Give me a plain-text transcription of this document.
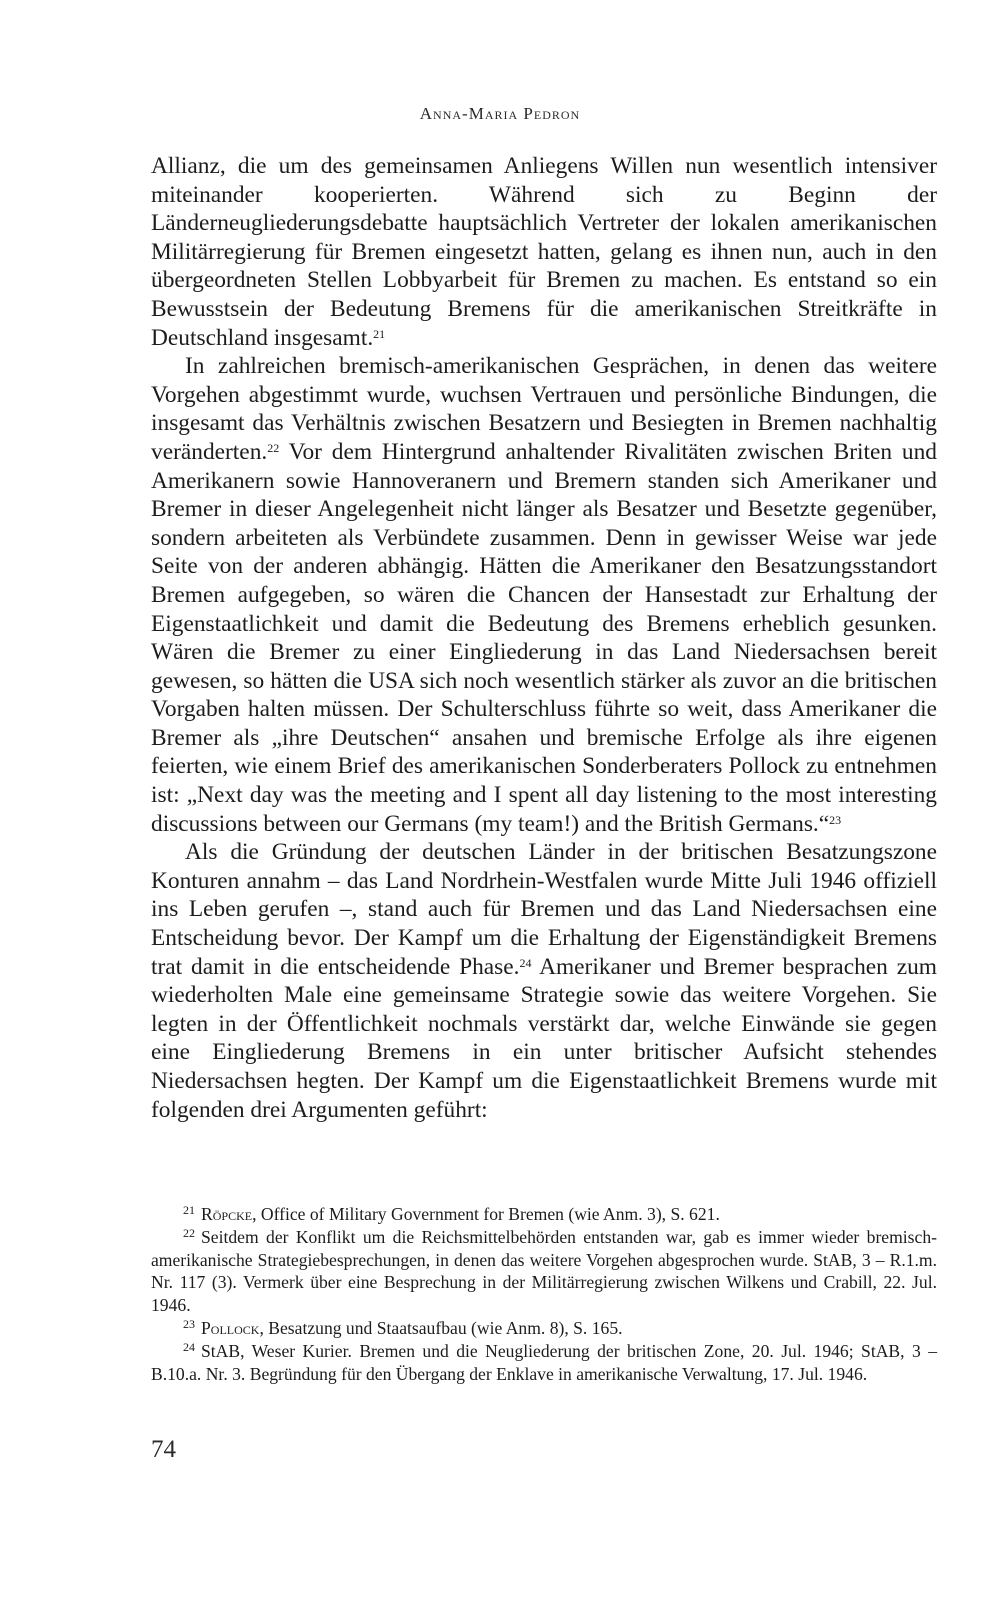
Anna-Maria Pedron

Allianz, die um des gemeinsamen Anliegens Willen nun wesentlich intensiver miteinander kooperierten. Während sich zu Beginn der Länderneugliederungsdebatte hauptsächlich Vertreter der lokalen amerikanischen Militärregierung für Bremen eingesetzt hatten, gelang es ihnen nun, auch in den übergeordneten Stellen Lobbyarbeit für Bremen zu machen. Es entstand so ein Bewusstsein der Bedeutung Bremens für die amerikanischen Streitkräfte in Deutschland insgesamt.$^{21}$

In zahlreichen bremisch-amerikanischen Gesprächen, in denen das weitere Vorgehen abgestimmt wurde, wuchsen Vertrauen und persönliche Bindungen, die insgesamt das Verhältnis zwischen Besatzern und Besiegten in Bremen nachhaltig veränderten.$^{22}$ Vor dem Hintergrund anhaltender Rivalitäten zwischen Briten und Amerikanern sowie Hannoveranern und Bremern standen sich Amerikaner und Bremer in dieser Angelegenheit nicht länger als Besatzer und Besetzte gegenüber, sondern arbeiteten als Verbündete zusammen. Denn in gewisser Weise war jede Seite von der anderen abhängig. Hätten die Amerikaner den Besatzungsstandort Bremen aufgegeben, so wären die Chancen der Hansestadt zur Erhaltung der Eigenstaatlichkeit und damit die Bedeutung des Bremens erheblich gesunken. Wären die Bremer zu einer Eingliederung in das Land Niedersachsen bereit gewesen, so hätten die USA sich noch wesentlich stärker als zuvor an die britischen Vorgaben halten müssen. Der Schulterschluss führte so weit, dass Amerikaner die Bremer als „ihre Deutschen“ ansahen und bremische Erfolge als ihre eigenen feierten, wie einem Brief des amerikanischen Sonderberaters Pollock zu entnehmen ist: „Next day was the meeting and I spent all day listening to the most interesting discussions between our Germans (my team!) and the British Germans.“$^{23}$

Als die Gründung der deutschen Länder in der britischen Besatzungszone Konturen annahm – das Land Nordrhein-Westfalen wurde Mitte Juli 1946 offiziell ins Leben gerufen –, stand auch für Bremen und das Land Niedersachsen eine Entscheidung bevor. Der Kampf um die Erhaltung der Eigenständigkeit Bremens trat damit in die entscheidende Phase.$^{24}$ Amerikaner und Bremer besprachen zum wiederholten Male eine gemeinsame Strategie sowie das weitere Vorgehen. Sie legten in der Öffentlichkeit nochmals verstärkt dar, welche Einwände sie gegen eine Eingliederung Bremens in ein unter britischer Aufsicht stehendes Niedersachsen hegten. Der Kampf um die Eigenstaatlichkeit Bremens wurde mit folgenden drei Argumenten geführt:

$^{21}$ Röpcke, Office of Military Government for Bremen (wie Anm. 3), S. 621.

$^{22}$ Seitdem der Konflikt um die Reichsmittelbehörden entstanden war, gab es immer wieder bremisch-amerikanische Strategiebesprechungen, in denen das weitere Vorgehen abgesprochen wurde. StAB, 3 – R.1.m. Nr. 117 (3). Vermerk über eine Besprechung in der Militärregierung zwischen Wilkens und Crabill, 22. Jul. 1946.

$^{23}$ Pollock, Besatzung und Staatsaufbau (wie Anm. 8), S. 165.

$^{24}$ StAB, Weser Kurier. Bremen und die Neugliederung der britischen Zone, 20. Jul. 1946; StAB, 3 – B.10.a. Nr. 3. Begründung für den Übergang der Enklave in amerikanische Verwaltung, 17. Jul. 1946.

74
